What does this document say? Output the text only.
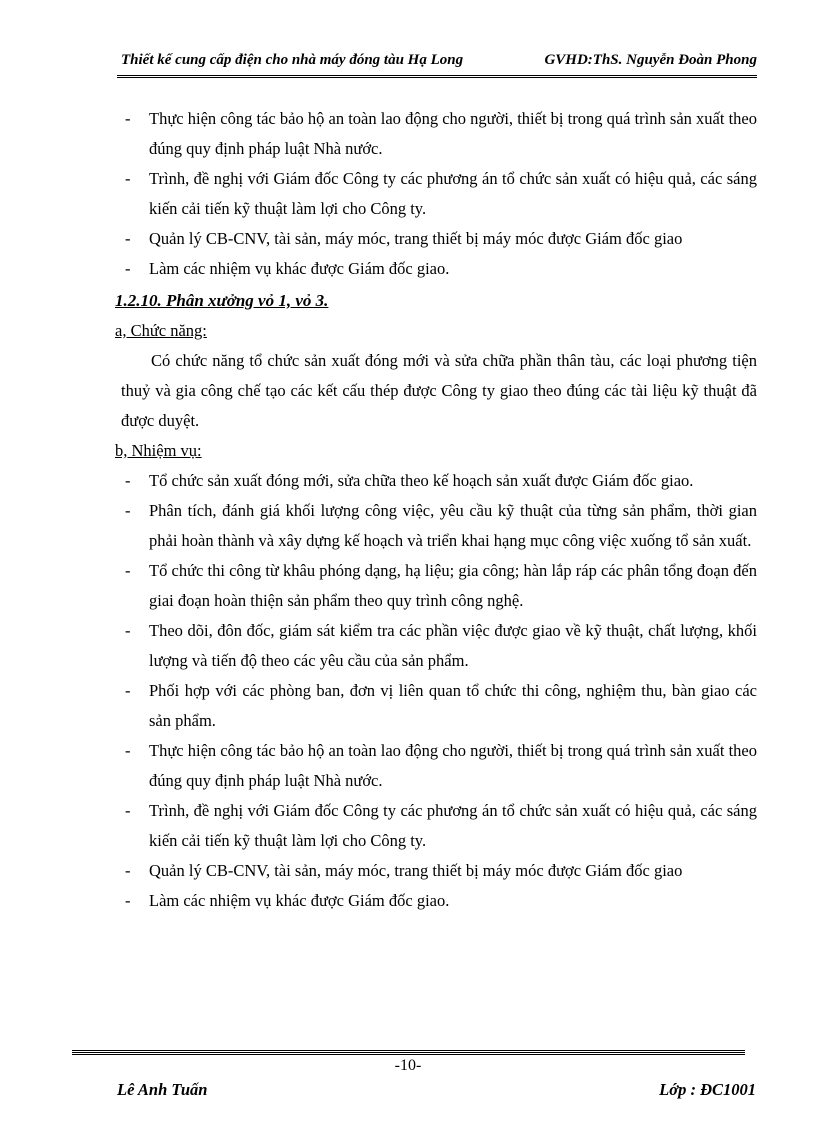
Thiết kế cung cấp điện cho nhà máy đóng tàu Hạ Long	GVHD:ThS. Nguyễn Đoàn Phong
- Thực hiện công tác bảo hộ an toàn lao động cho người, thiết bị trong quá trình sản xuất theo đúng quy định pháp luật Nhà nước.
- Trình, đề nghị với Giám đốc Công ty các phương án tổ chức sản xuất có hiệu quả, các sáng kiến cải tiến kỹ thuật làm lợi cho Công ty.
- Quản lý CB-CNV, tài sản, máy móc, trang thiết bị máy móc được Giám đốc giao
- Làm các nhiệm vụ khác được Giám đốc giao.
1.2.10. Phân xưởng vỏ 1, vỏ 3.
a, Chức năng:
Có chức năng tổ chức sản xuất đóng mới và sửa chữa phần thân tàu, các loại phương tiện thuỷ và gia công chế tạo các kết cấu thép được Công ty giao theo đúng các tài liệu kỹ thuật đã được duyệt.
b, Nhiệm vụ:
- Tổ chức sản xuất đóng mới, sửa chữa theo kế hoạch sản xuất được Giám đốc giao.
- Phân tích, đánh giá khối lượng công việc, yêu cầu kỹ thuật của từng sản phẩm, thời gian phải hoàn thành và xây dựng kế hoạch và triển khai hạng mục công việc xuống tổ sản xuất.
- Tổ chức thi công từ khâu phóng dạng, hạ liệu; gia công; hàn lắp ráp các phân tổng đoạn đến giai đoạn hoàn thiện sản phẩm theo quy trình công nghệ.
- Theo dõi, đôn đốc, giám sát kiểm tra các phần việc được giao về kỹ thuật, chất lượng, khối lượng và tiến độ theo các yêu cầu của sản phẩm.
- Phối hợp với các phòng ban, đơn vị liên quan tổ chức thi công, nghiệm thu, bàn giao các sản phẩm.
- Thực hiện công tác bảo hộ an toàn lao động cho người, thiết bị trong quá trình sản xuất theo đúng quy định pháp luật Nhà nước.
- Trình, đề nghị với Giám đốc Công ty các phương án tổ chức sản xuất có hiệu quả, các sáng kiến cải tiến kỹ thuật làm lợi cho Công ty.
- Quản lý CB-CNV, tài sản, máy móc, trang thiết bị máy móc được Giám đốc giao
- Làm các nhiệm vụ khác được Giám đốc giao.
-10-
Lê Anh Tuấn	Lớp : ĐC1001
